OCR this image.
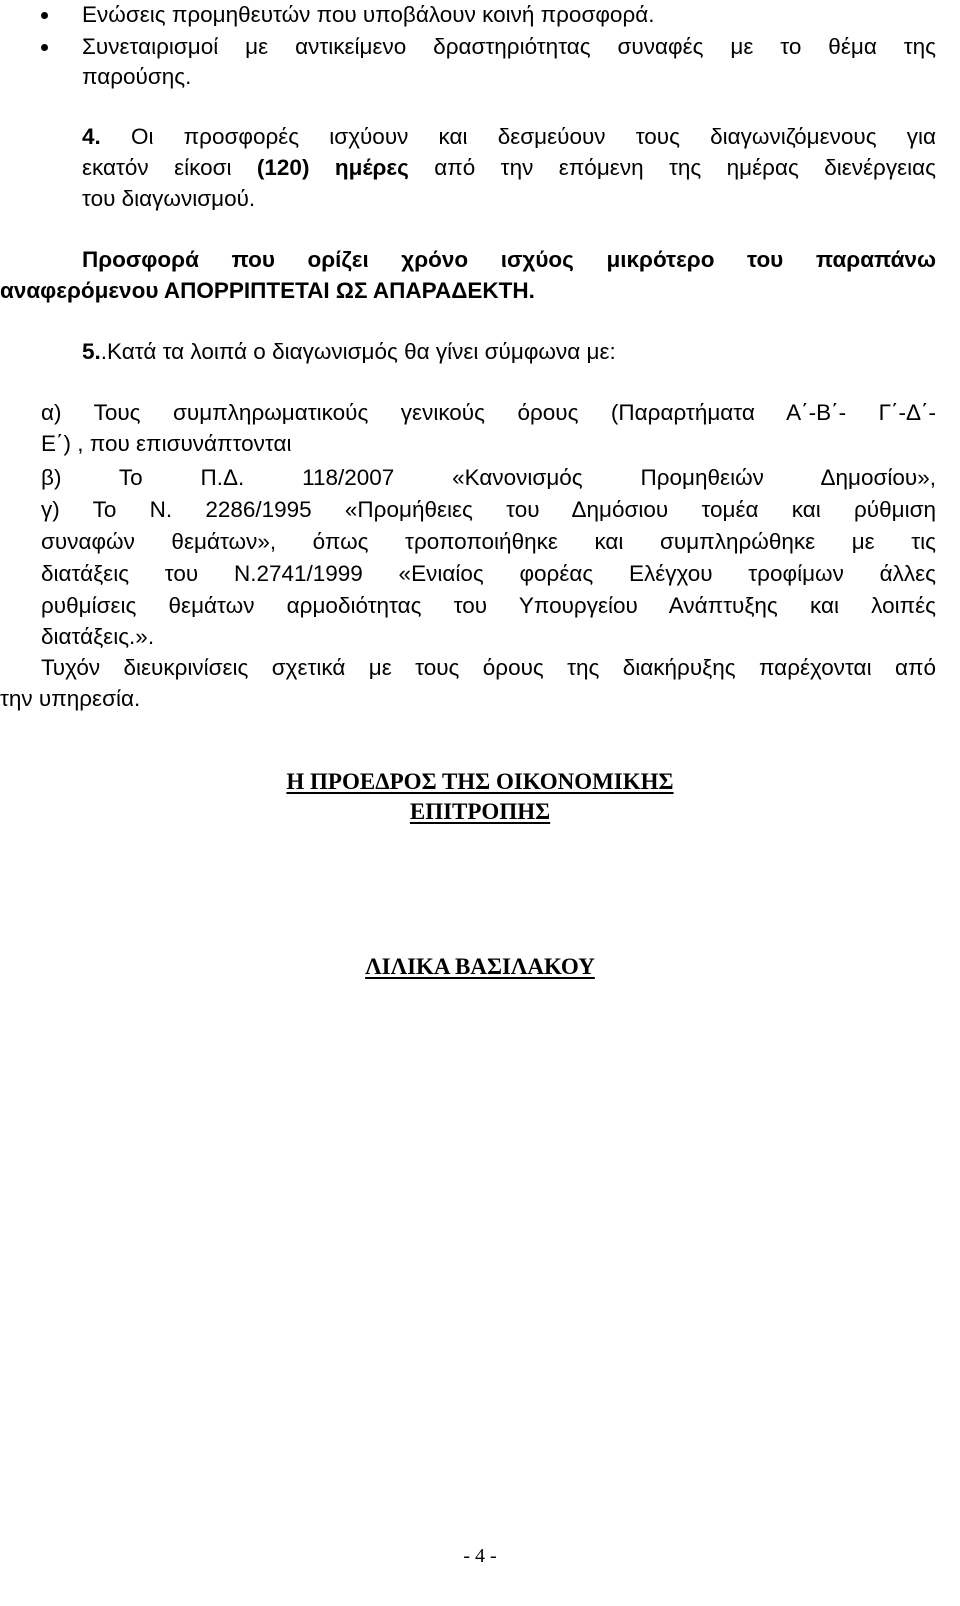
Ενώσεις προμηθευτών που υποβάλουν κοινή προσφορά.
Συνεταιρισμοί με αντικείμενο δραστηριότητας συναφές με το θέμα της
παρούσης.
4. Οι προσφορές ισχύουν και δεσμεύουν τους διαγωνιζόμενους για
εκατόν είκοσι (120) ημέρες από την επόμενη της ημέρας διενέργειας
του διαγωνισμού.
Προσφορά που ορίζει χρόνο ισχύος μικρότερο του παραπάνω
αναφερόμενου ΑΠΟΡΡΙΠΤΕΤΑΙ ΩΣ ΑΠΑΡΑΔΕΚΤΗ.
5..Κατά τα λοιπά ο διαγωνισμός θα γίνει σύμφωνα με:
α) Τους συμπληρωματικούς γενικούς όρους (Παραρτήματα Α΄-Β΄- Γ΄-Δ΄-
Ε΄) , που επισυνάπτονται
β) Το Π.Δ. 118/2007 «Κανονισμός Προμηθειών Δημοσίου»,
γ) Το Ν. 2286/1995 «Προμήθειες του Δημόσιου τομέα και ρύθμιση
συναφών θεμάτων», όπως τροποποιήθηκε και συμπληρώθηκε με τις
διατάξεις του Ν.2741/1999 «Ενιαίος φορέας Ελέγχου τροφίμων άλλες
ρυθμίσεις θεμάτων αρμοδιότητας του Υπουργείου Ανάπτυξης και λοιπές
διατάξεις.».
Τυχόν διευκρινίσεις σχετικά με τους όρους της διακήρυξης παρέχονται από
την υπηρεσία.
Η ΠΡΟΕΔΡΟΣ ΤΗΣ ΟΙΚΟΝΟΜΙΚΗΣ
ΕΠΙΤΡΟΠΗΣ
ΛΙΛΙΚΑ ΒΑΣΙΛΑΚΟΥ
- 4 -
